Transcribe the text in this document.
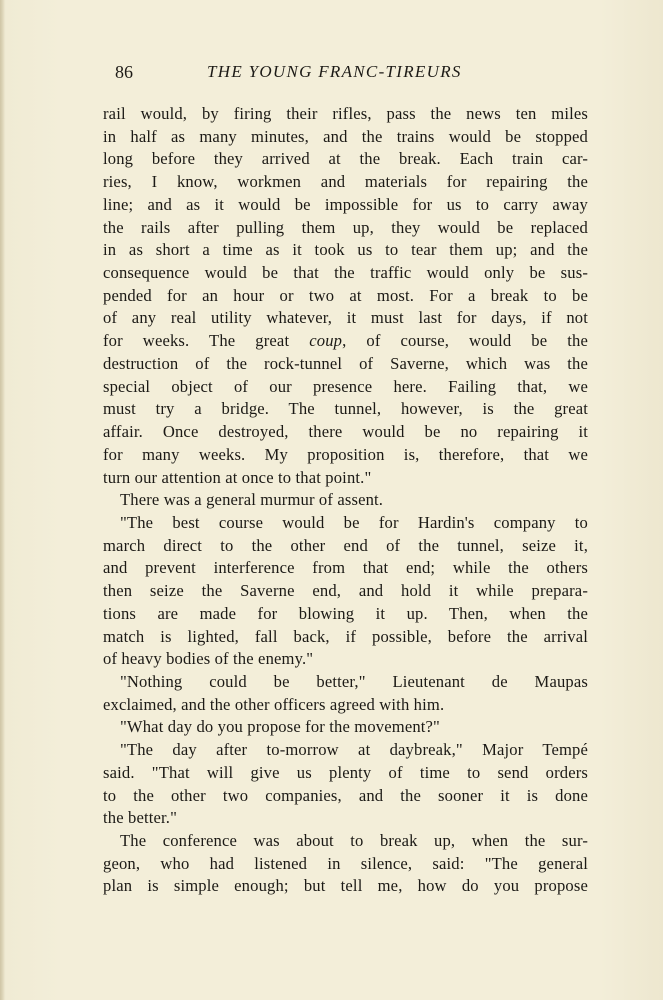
86	THE YOUNG FRANC-TIREURS
rail would, by firing their rifles, pass the news ten miles
in half as many minutes, and the trains would be stopped
long before they arrived at the break. Each train car-
ries, I know, workmen and materials for repairing the
line; and as it would be impossible for us to carry away
the rails after pulling them up, they would be replaced
in as short a time as it took us to tear them up; and the
consequence would be that the traffic would only be sus-
pended for an hour or two at most. For a break to be
of any real utility whatever, it must last for days, if not
for weeks. The great coup, of course, would be the
destruction of the rock-tunnel of Saverne, which was the
special object of our presence here. Failing that, we
must try a bridge. The tunnel, however, is the great
affair. Once destroyed, there would be no repairing it
for many weeks. My proposition is, therefore, that we
turn our attention at once to that point."
There was a general murmur of assent.
"The best course would be for Hardin's company to
march direct to the other end of the tunnel, seize it,
and prevent interference from that end; while the others
then seize the Saverne end, and hold it while prepara-
tions are made for blowing it up. Then, when the
match is lighted, fall back, if possible, before the arrival
of heavy bodies of the enemy."
"Nothing could be better," Lieutenant de Maupas
exclaimed, and the other officers agreed with him.
"What day do you propose for the movement?"
"The day after to-morrow at daybreak," Major Tempé
said. "That will give us plenty of time to send orders
to the other two companies, and the sooner it is done
the better."
The conference was about to break up, when the sur-
geon, who had listened in silence, said: "The general
plan is simple enough; but tell me, how do you propose
